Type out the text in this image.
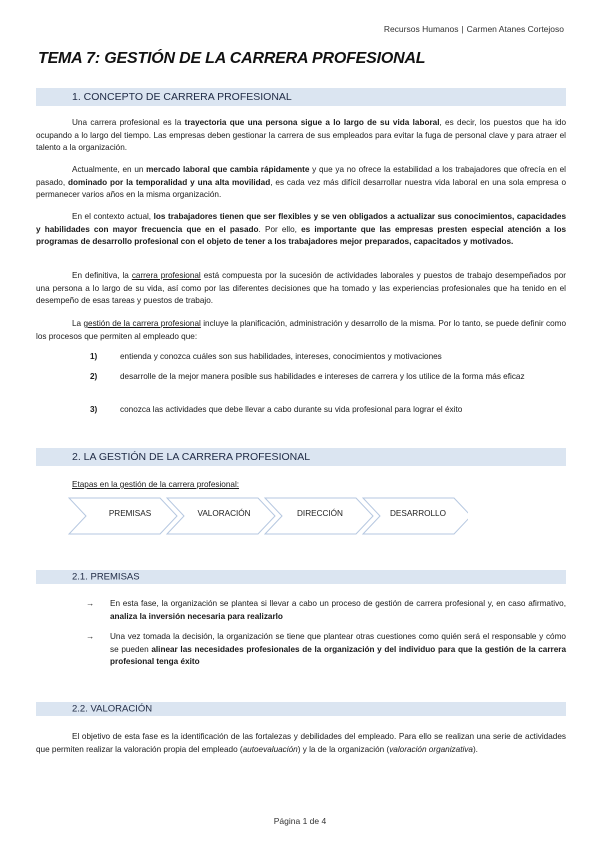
Recursos Humanos | Carmen Atanes Cortejoso
TEMA 7: GESTIÓN DE LA CARRERA PROFESIONAL
1. CONCEPTO DE CARRERA PROFESIONAL
Una carrera profesional es la trayectoria que una persona sigue a lo largo de su vida laboral, es decir, los puestos que ha ido ocupando a lo largo del tiempo. Las empresas deben gestionar la carrera de sus empleados para evitar la fuga de personal clave y para atraer el talento a la organización.
Actualmente, en un mercado laboral que cambia rápidamente y que ya no ofrece la estabilidad a los trabajadores que ofrecía en el pasado, dominado por la temporalidad y una alta movilidad, es cada vez más difícil desarrollar nuestra vida laboral en una sola empresa o permanecer varios años en la misma organización.
En el contexto actual, los trabajadores tienen que ser flexibles y se ven obligados a actualizar sus conocimientos, capacidades y habilidades con mayor frecuencia que en el pasado. Por ello, es importante que las empresas presten especial atención a los programas de desarrollo profesional con el objeto de tener a los trabajadores mejor preparados, capacitados y motivados.
En definitiva, la carrera profesional está compuesta por la sucesión de actividades laborales y puestos de trabajo desempeñados por una persona a lo largo de su vida, así como por las diferentes decisiones que ha tomado y las experiencias profesionales que ha tenido en el desempeño de esas tareas y puestos de trabajo.
La gestión de la carrera profesional incluye la planificación, administración y desarrollo de la misma. Por lo tanto, se puede definir como los procesos que permiten al empleado que:
1)	entienda y conozca cuáles son sus habilidades, intereses, conocimientos y motivaciones
2)	desarrolle de la mejor manera posible sus habilidades e intereses de carrera y los utilice de la forma más eficaz
3)	conozca las actividades que debe llevar a cabo durante su vida profesional para lograr el éxito
2. LA GESTIÓN DE LA CARRERA PROFESIONAL
Etapas en la gestión de la carrera profesional:
PREMISAS	VALORACIÓN	DIRECCIÓN	DESARROLLO
2.1. PREMISAS
→ En esta fase, la organización se plantea si llevar a cabo un proceso de gestión de carrera profesional y, en caso afirmativo, analiza la inversión necesaria para realizarlo
→ Una vez tomada la decisión, la organización se tiene que plantear otras cuestiones como quién será el responsable y cómo se pueden alinear las necesidades profesionales de la organización y del individuo para que la gestión de la carrera profesional tenga éxito
2.2. VALORACIÓN
El objetivo de esta fase es la identificación de las fortalezas y debilidades del empleado. Para ello se realizan una serie de actividades que permiten realizar la valoración propia del empleado (autoevaluación) y la de la organización (valoración organizativa).
Página 1 de 4
